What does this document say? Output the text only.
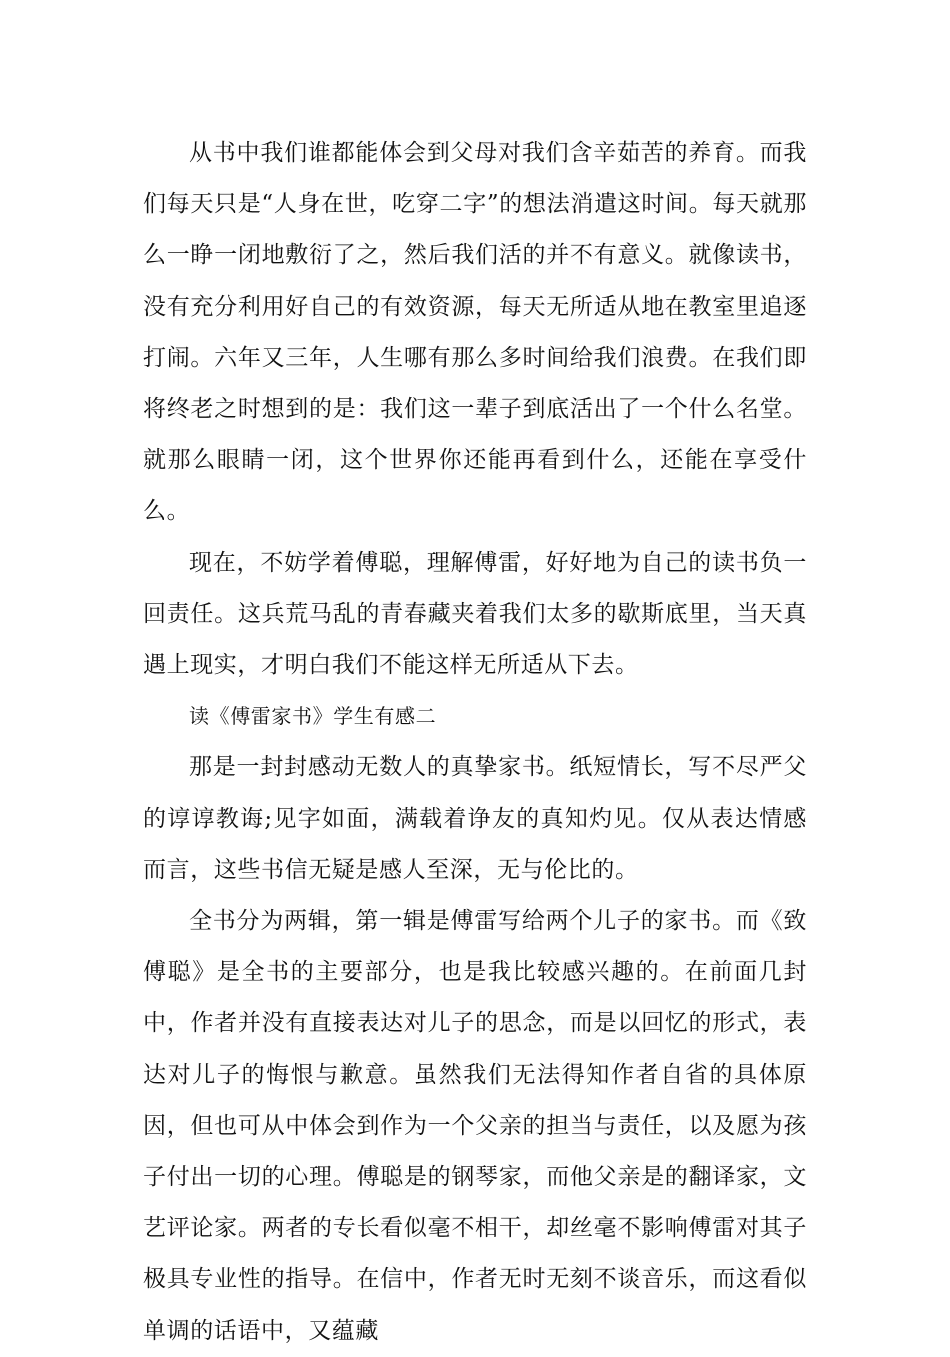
从书中我们谁都能体会到父母对我们含辛茹苦的养育。而我们每天只是“人身在世，吃穿二字”的想法消遣这时间。每天就那么一睁一闭地敷衍了之，然后我们活的并不有意义。就像读书，没有充分利用好自己的有效资源，每天无所适从地在教室里追逐打闹。六年又三年，人生哪有那么多时间给我们浪费。在我们即将终老之时想到的是：我们这一辈子到底活出了一个什么名堂。就那么眼睛一闭，这个世界你还能再看到什么，还能在享受什么。

现在，不妨学着傅聪，理解傅雷，好好地为自己的读书负一回责任。这兵荒马乱的青春藏夹着我们太多的歇斯底里，当天真遇上现实，才明白我们不能这样无所适从下去。

读《傅雷家书》学生有感二

那是一封封感动无数人的真挚家书。纸短情长，写不尽严父的谆谆教诲;见字如面，满载着诤友的真知灼见。仅从表达情感而言，这些书信无疑是感人至深，无与伦比的。

全书分为两辑，第一辑是傅雷写给两个儿子的家书。而《致傅聪》是全书的主要部分，也是我比较感兴趣的。在前面几封中，作者并没有直接表达对儿子的思念，而是以回忆的形式，表达对儿子的悔恨与歉意。虽然我们无法得知作者自省的具体原因，但也可从中体会到作为一个父亲的担当与责任，以及愿为孩子付出一切的心理。傅聪是的钢琴家，而他父亲是的翻译家，文艺评论家。两者的专长看似毫不相干，却丝毫不影响傅雷对其子极具专业性的指导。在信中，作者无时无刻不谈音乐，而这看似单调的话语中，又蕴藏
